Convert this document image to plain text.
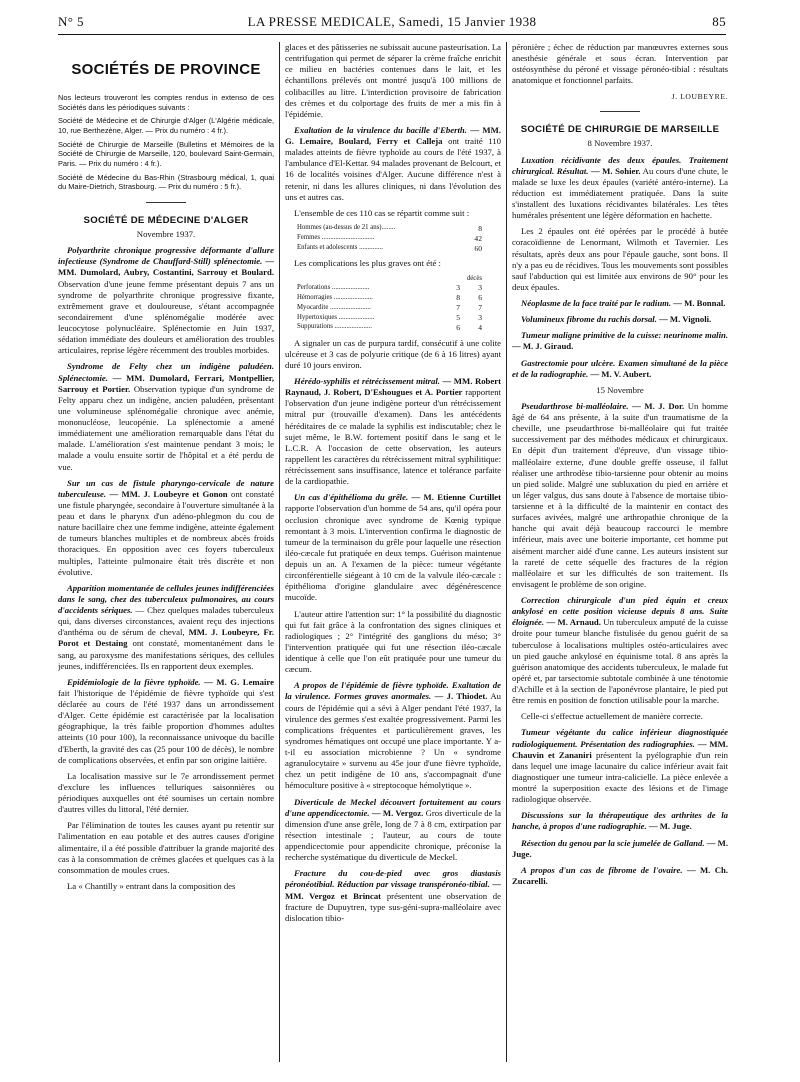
N° 5	LA PRESSE MEDICALE, Samedi, 15 Janvier 1938	85
SOCIÉTÉS DE PROVINCE

Nos lecteurs trouveront les comptes rendus in extenso de ces Sociétés dans les périodiques suivants :

Société de Médecine et de Chirurgie d'Alger (L'Algérie médicale, 10, rue Berthezène, Alger. — Prix du numéro : 4 fr.).

Société de Chirurgie de Marseille (Bulletins et Mémoires de la Société de Chirurgie de Marseille, 120, boulevard Saint-Germain, Paris. — Prix du numéro : 4 fr.).

Société de Médecine du Bas-Rhin (Strasbourg médical, 1, quai du Maire-Dietrich, Strasbourg. — Prix du numéro : 5 fr.).

SOCIÉTÉ DE MÉDECINE D'ALGER
Novembre 1937.

Polyarthrite chronique progressive déformante d'allure infectieuse (Syndrome de Chauffard-Still) splénectomie. — MM. Dumolard, Aubry, Costantini, Sarrouy et Boulard. Observation d'une jeune femme présentant depuis 7 ans un syndrome de polyarthrite chronique progressive fixante, extrêmement grave et douloureuse, s'étant accompagnée secondairement d'une splénomégalie modérée avec leucocytose polynucléaire. Splénectomie en Juin 1937, sédation immédiate des douleurs et amélioration des troubles articulaires, reprise légère récemment des troubles morbides.

Syndrome de Felty chez un indigène paludéen. Splénectomie. — MM. Dumolard, Ferrari, Montpellier, Sarrouy et Portier. Observation typique d'un syndrome de Felty apparu chez un indigène, ancien paludéen, présentant une volumineuse splénomégalie chronique avec anémie, mononucléose, leucopénie. La splénectomie a amené immédiatement une amélioration remarquable dans l'état du malade. L'amélioration s'est maintenue pendant 3 mois; le malade a voulu ensuite sortir de l'hôpital et a été perdu de vue.

Sur un cas de fistule pharyngo-cervicale de nature tuberculeuse. — MM. J. Loubeyre et Gonon ont constaté une fistule pharyngée, secondaire à l'ouverture simultanée à la peau et dans le pharynx d'un adéno-phlegmon du cou de nature bacillaire chez une femme indigène, atteinte également de tumeurs blanches multiples et de nombreux abcès froids thoraciques. En opposition avec ces foyers tuberculeux multiples, l'atteinte pulmonaire était très discrète et non évolutive.

Apparition momentanée de cellules jeunes indifférenciées dans le sang, chez des tuberculeux pulmonaires, au cours d'accidents sériques. — Chez quelques malades tuberculeux qui, dans diverses circonstances, avaient reçu des injections d'anthéma ou de sérum de cheval, MM. J. Loubeyre, Fr. Porot et Destaing ont constaté, momentanément dans le sang, au paroxysme des manifestations sériques, des cellules jeunes, indifférenciées. Ils en rapportent deux exemples.

Epidémiologie de la fièvre typhoïde. — M. G. Lemaire fait l'historique de l'épidémie de fièvre typhoïde qui s'est déclarée au cours de l'été 1937 dans un arrondissement d'Alger. Cette épidémie est caractérisée par la localisation géographique, la très faible proportion d'hommes adultes atteints (10 pour 100), la reconnaissance univoque du bacille d'Eberth, la gravité des cas (25 pour 100 de décès), le nombre de complications observées, et enfin par son origine laitière.

La localisation massive sur le 7e arrondissement permet d'exclure les influences telluriques saisonnières ou périodiques auxquelles ont été soumises un certain nombre d'autres villes du littoral, l'été dernier.

Par l'élimination de toutes les causes ayant pu retentir sur l'alimentation en eau potable et des autres causes d'origine alimentaire, il a été possible d'attribuer la grande majorité des cas à la consommation de crèmes glacées et quelques cas à la consommation de moules crues.

La « Chantilly » entrant dans la composition des

glaces et des pâtisseries ne subissait aucune pasteurisation. La centrifugation qui permet de séparer la crème fraîche enrichit ce milieu en bactéries contenues dans le lait, et les échantillons prélevés ont montré jusqu'à 100 millions de colibacilles au litre. L'interdiction provisoire de fabrication des crèmes et du colportage des fruits de mer a mis fin à l'épidémie.

Exaltation de la virulence du bacille d'Eberth. — MM. G. Lemaire, Boulard, Ferry et Calleja ont traité 110 malades atteints de fièvre typhoïde au cours de l'été 1937, à l'ambulance d'El-Kettar. 94 malades provenant de Belcourt, et 16 de localités voisines d'Alger. Aucune différence n'est à retenir, ni dans les allures cliniques, ni dans l'évolution des uns et autres cas.

L'ensemble de ces 110 cas se répartit comme suit :

Hommes (au-dessus de 21 ans)........	8
Femmes ...............................	42
Enfants et adolescents ..............	60

Les complications les plus graves ont été :

		décès
Perforations ......................	3	3
Hémorragies .......................	8	6
Myocardite ........................	7	7
Hypertoxiques .....................	5	3
Suppurations ......................	6	4

A signaler un cas de purpura tardif, consécutif à une colite ulcéreuse et 3 cas de polyurie critique (de 6 à 16 litres) ayant duré 10 jours environ.

Hérédo-syphilis et rétrécissement mitral. — MM. Robert Raynaud, J. Robert, D'Eshougues et A. Portier rapportent l'observation d'un jeune indigène porteur d'un rétrécissement mitral pur (trouvaille d'examen). Dans les antécédents héréditaires de ce malade la syphilis est indiscutable; chez le sujet même, le B.W. fortement positif dans le sang et le L.C.R. A l'occasion de cette observation, les auteurs rappellent les caractères du rétrécissement mitral syphilitique: rétrécissement sans insuffisance, latence et tolérance parfaite de la cardiopathie.

Un cas d'épithélioma du grêle. — M. Etienne Curtillet rapporte l'observation d'un homme de 54 ans, qu'il opéra pour occlusion chronique avec syndrome de Kœnig typique remontant à 3 mois. L'intervention confirma le diagnostic de tumeur de la terminaison du grêle pour laquelle une résection iléo-cæcale fut pratiquée en deux temps. Guérison maintenue depuis un an. A l'examen de la pièce: tumeur végétante circonférentielle siégeant à 10 cm de la valvule iléo-cæcale : épithélioma d'origine glandulaire avec dégénérescence mucoïde.

L'auteur attire l'attention sur: 1° la possibilité du diagnostic qui fut fait grâce à la confrontation des signes cliniques et radiologiques ; 2° l'intégrité des ganglions du méso; 3° l'intervention pratiquée qui fut une résection iléo-cæcale identique à celle que l'on eût pratiquée pour une tumeur du cæcum.

A propos de l'épidémie de fièvre typhoïde. Exaltation de la virulence. Formes graves anormales. — J. Thiodet. Au cours de l'épidémie qui a sévi à Alger pendant l'été 1937, la virulence des germes s'est exaltée progressivement. Parmi les complications fréquentes et particulièrement graves, les syndromes hématiques ont occupé une place importante. Y a-t-il eu association microbienne ? Un « syndrome agranulocytaire » survenu au 45e jour d'une fièvre typhoïde, chez un petit indigène de 10 ans, s'accompagnait d'une hémoculture positive à « streptocoque hémolytique ».

Diverticule de Meckel découvert fortuitement au cours d'une appendicectomie. — M. Vergoz. Gros diverticule de la dimension d'une anse grêle, long de 7 à 8 cm, extirpation par résection intestinale ; l'auteur, au cours de toute appendicectomie pour appendicite chronique, préconise la recherche systématique du diverticule de Meckel.

Fracture du cou-de-pied avec gros diastasis péronéotibial. Réduction par vissage transpéronéo-tibial. — MM. Vergoz et Brincat présentent une observation de fracture de Dupuytren, type sus-géni-supra-malléolaire avec dislocation tibio-

péronière ; échec de réduction par manœuvres externes sous anesthésie générale et sous écran. Intervention par ostéosynthèse du péroné et vissage péronéo-tibial : résultats anatomique et fonctionnel parfaits.

J. LOUBEYRE.
SOCIÉTÉ DE CHIRURGIE DE MARSEILLE
8 Novembre 1937.

Luxation récidivante des deux épaules. Traitement chirurgical. Résultat. — M. Sohier. Au cours d'une chute, le malade se luxe les deux épaules (variété antéro-interne). La réduction est immédiatement pratiquée. Dans la suite s'installent des luxations récidivantes bilatérales. Les têtes humérales présentent une légère déformation en hachette.

Les 2 épaules ont été opérées par le procédé à butée coracoïdienne de Lenormant, Wilmoth et Tavernier. Les résultats, après deux ans pour l'épaule gauche, sont bons. Il n'y a pas eu de récidives. Tous les mouvements sont possibles sauf l'abduction qui est limitée aux environs de 90° pour les deux épaules.

Néoplasme de la face traité par le radium. — M. Bonnal.

Volumineux fibrome du rachis dorsal. — M. Vignoli.

Tumeur maligne primitive de la cuisse: neurinome malin. — M. J. Giraud.

Gastrectomie pour ulcère. Examen simultané de la pièce et de la radiographie. — M. V. Aubert.

15 Novembre

Pseudarthrose bi-malléolaire. — M. J. Dor. Un homme âgé de 64 ans présente, à la suite d'un traumatisme de la cheville, une pseudarthrose bi-malléolaire qui fut traitée successivement par des méthodes médicaux et chirurgicaux. En dépit d'un traitement d'épreuve, d'un vissage tibio-malléolaire externe, d'une double greffe osseuse, il fallut réaliser une arthrodèse tibio-tarsienne pour obtenir au moins un pied solide. Malgré une subluxation du pied en arrière et un léger valgus, dus sans doute à l'absence de mortaise tibio-tarsienne et à la difficulté de la maintenir en contact des surfaces avivées, malgré une arthropathie chronique de la hanche qui avait déjà beaucoup raccourci le membre inférieur, mais avec une boiterie importante, cet homme put aisément marcher aidé d'une canne. Les auteurs insistent sur la rareté de cette séquelle des fractures de la région malléolaire et sur les difficultés de son traitement. Ils envisagent le problème de son origine.

Correction chirurgicale d'un pied équin et creux ankylosé en cette position vicieuse depuis 8 ans. Suite éloignée. — M. Arnaud. Un tuberculeux amputé de la cuisse droite pour tumeur blanche fistulisée du genou guérit de sa tuberculose à localisations multiples ostéo-articulaires avec un pied gauche ankylosé en équinisme total. 8 ans après la guérison anatomique des accidents tuberculeux, le malade fut opéré et, par tarsectomie subtotale combinée à une ténotomie d'Achille et à la section de l'aponévrose plantaire, le pied put être remis en position de fonction utilisable pour la marche.

Celle-ci s'effectue actuellement de manière correcte.

Tumeur végétante du calice inférieur diagnostiquée radiologiquement. Présentation des radiographies. — MM. Chauvin et Zananiri présentent la pyélographie d'un rein dans lequel une image lacunaire du calice inférieur avait fait diagnostiquer une tumeur intra-calicielle. La pièce enlevée a montré la superposition exacte des lésions et de l'image radiologique observée.

Discussions sur la thérapeutique des arthrites de la hanche, à propos d'une radiographie. — M. Juge.

Résection du genou par la scie jumelée de Galland. — M. Juge.

A propos d'un cas de fibrome de l'ovaire. — M. Ch. Zucarelli.
